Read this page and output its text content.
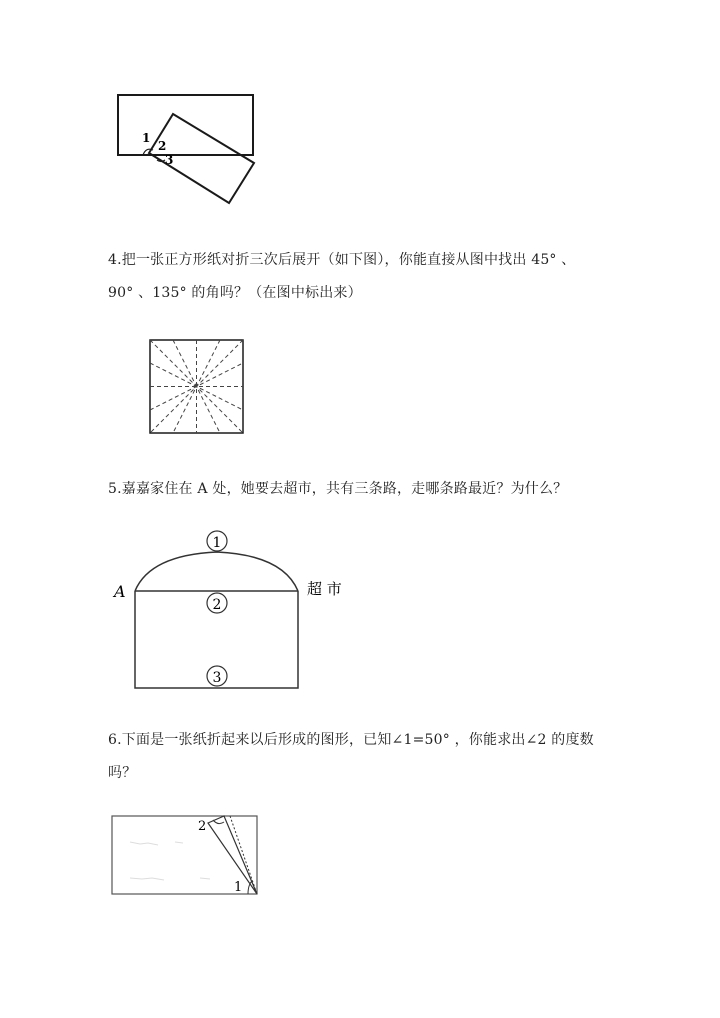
1
2
3
4.把一张正方形纸对折三次后展开（如下图），你能直接从图中找出 45° 、
90° 、135° 的角吗？（在图中标出来）
5.嘉嘉家住在 A 处，她要去超市，共有三条路，走哪条路最近？为什么？
1
2
3
A	超 市
6.下面是一张纸折起来以后形成的图形，已知∠1=50° ，你能求出∠2 的度数
吗？
2
1
